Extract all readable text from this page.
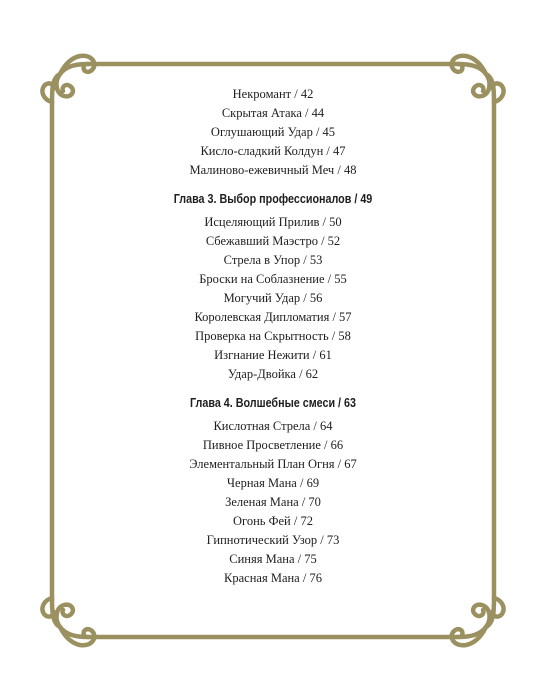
Некромант / 42
Скрытая Атака / 44
Оглушающий Удар / 45
Кисло-сладкий Колдун / 47
Малиново-ежевичный Меч / 48
Глава 3. Выбор профессионалов / 49
Исцеляющий Прилив / 50
Сбежавший Маэстро / 52
Стрела в Упор / 53
Броски на Соблазнение / 55
Могучий Удар / 56
Королевская Дипломатия / 57
Проверка на Скрытность / 58
Изгнание Нежити / 61
Удар-Двойка / 62
Глава 4. Волшебные смеси / 63
Кислотная Стрела / 64
Пивное Просветление / 66
Элементальный План Огня / 67
Черная Мана / 69
Зеленая Мана / 70
Огонь Фей / 72
Гипнотический Узор / 73
Синяя Мана / 75
Красная Мана / 76
